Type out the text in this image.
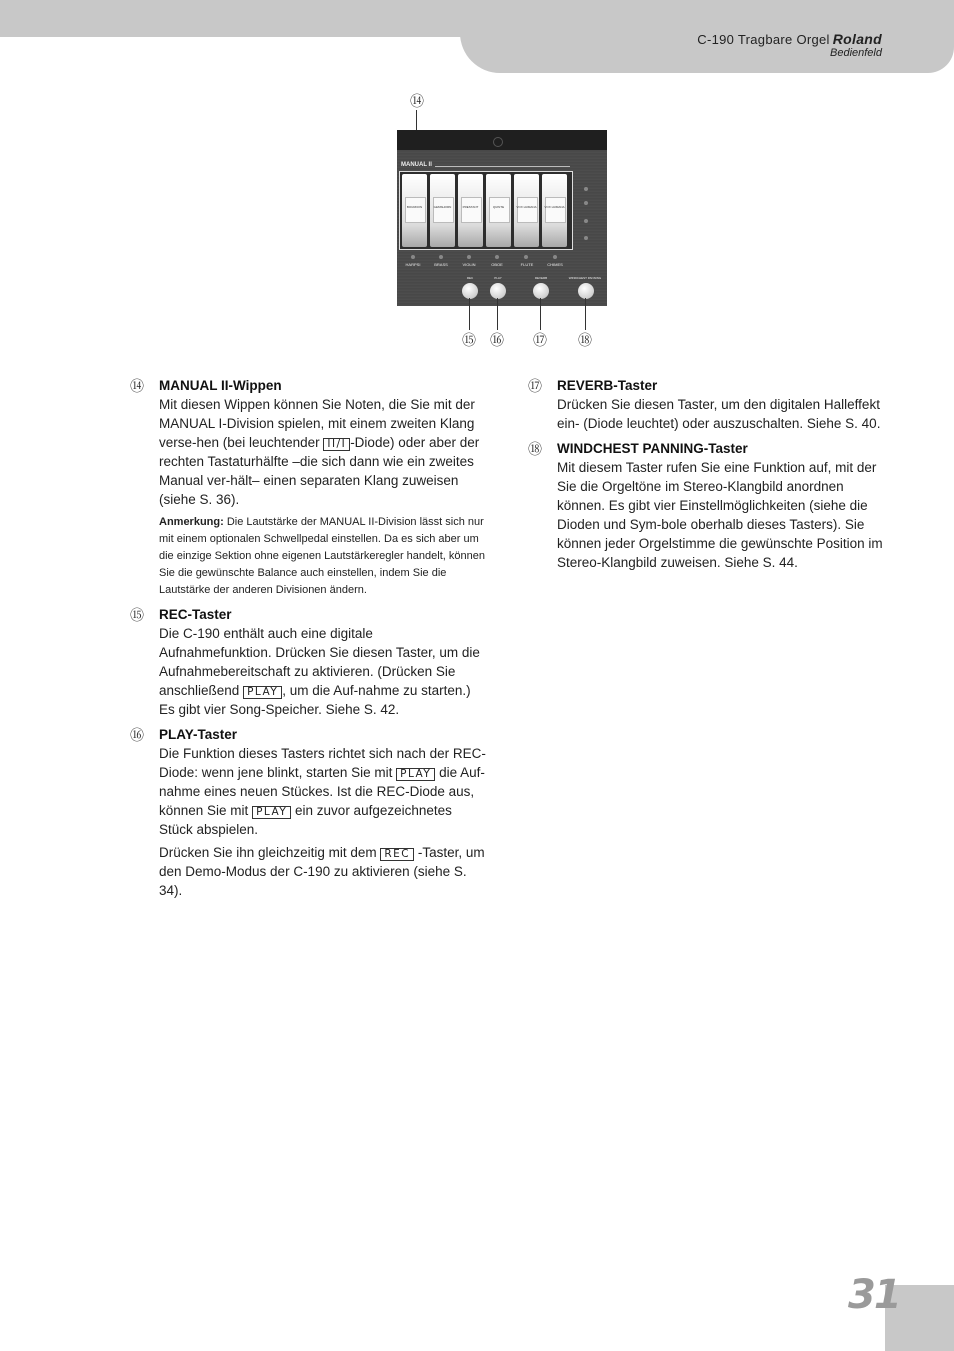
C-190 Tragbare Orgel Roland
Bedienfeld
⑭
MANUAL II
BOURDON	GEMSHORN	PRESTANT	QUINTE	VOX HUMANA	VOX HUMANA
HARPSI	BRASS	VIOLIN	OBOE	FLUTE	CHIMES
REC	PLAY	REVERB	WINDCHEST PANNING
⑮ ⑯ ⑰ ⑱
⑭ MANUAL II-Wippen
Mit diesen Wippen können Sie Noten, die Sie mit der MANUAL I-Division spielen, mit einem zweiten Klang verse-hen (bei leuchtender II/I -Diode) oder aber der rechten Tastaturhälfte –die sich dann wie ein zweites Manual ver-hält– einen separaten Klang zuweisen (siehe S. 36).
Anmerkung: Die Lautstärke der MANUAL II-Division lässt sich nur mit einem optionalen Schwellpedal einstellen. Da es sich aber um die einzige Sektion ohne eigenen Lautstärkeregler handelt, können Sie die gewünschte Balance auch einstellen, indem Sie die Lautstärke der anderen Divisionen ändern.
⑮ REC-Taster
Die C-190 enthält auch eine digitale Aufnahmefunktion. Drücken Sie diesen Taster, um die Aufnahmebereitschaft zu aktivieren. (Drücken Sie anschließend PLAY , um die Auf-nahme zu starten.) Es gibt vier Song-Speicher. Siehe S. 42.
⑯ PLAY-Taster

Die Funktion dieses Tasters richtet sich nach der REC-Diode: wenn jene blinkt, starten Sie mit PLAY die Auf-nahme eines neuen Stückes. Ist die REC-Diode aus, können Sie mit PLAY ein zuvor aufgezeichnetes Stück abspielen.

Drücken Sie ihn gleichzeitig mit dem REC -Taster, um den Demo-Modus der C-190 zu aktivieren (siehe S. 34).

⑰ REVERB-Taster
Drücken Sie diesen Taster, um den digitalen Halleffekt ein- (Diode leuchtet) oder auszuschalten. Siehe S. 40.
⑱ WINDCHEST PANNING-Taster
Mit diesem Taster rufen Sie eine Funktion auf, mit der Sie die Orgeltöne im Stereo-Klangbild anordnen können. Es gibt vier Einstellmöglichkeiten (siehe die Dioden und Sym-bole oberhalb dieses Tasters). Sie können jeder Orgelstimme die gewünschte Position im Stereo-Klangbild zuweisen. Siehe S. 44.
31
